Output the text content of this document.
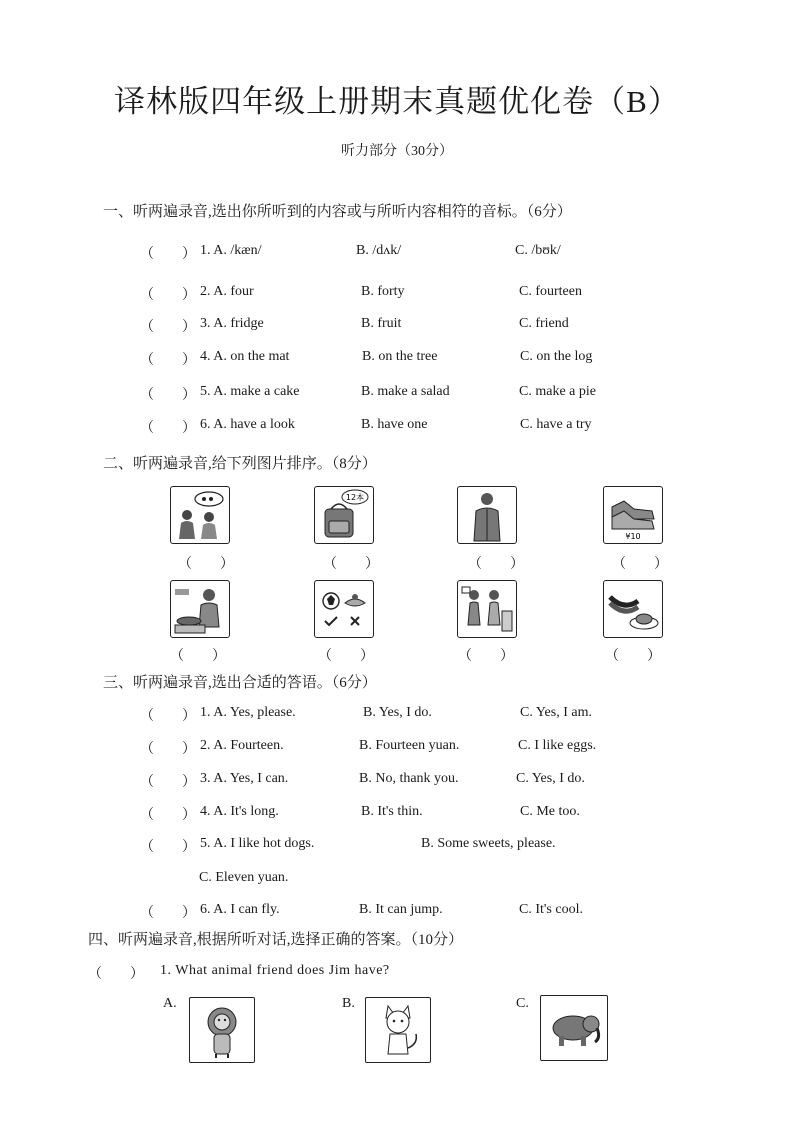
译林版四年级上册期末真题优化卷（B）
听力部分（30分）
一、听两遍录音,选出你所听到的内容或与所听内容相符的音标。（6分）
（　　） 1. A. /kæn/	B. /dʌk/	C. /bʊk/
（　　） 2. A. four	B. forty	C. fourteen
（　　） 3. A. fridge	B. fruit	C. friend
（　　） 4. A. on the mat	B. on the tree	C. on the log
（　　） 5. A. make a cake	B. make a salad	C. make a pie
（　　） 6. A. have a look	B. have one	C. have a try
二、听两遍录音,给下列图片排序。（8分）
12本
¥10
（　　）	（　　）	（　　）	（　　）
（　　）	（　　）	（　　）	（　　）
三、听两遍录音,选出合适的答语。（6分）
（　　） 1. A. Yes, please.	B. Yes, I do.	C. Yes, I am.
（　　） 2. A. Fourteen.	B. Fourteen yuan.	C. I like eggs.
（　　） 3. A. Yes, I can.	B. No, thank you.	C. Yes, I do.
（　　） 4. A. It's long.	B. It's thin.	C. Me too.
（　　） 5. A. I like hot dogs.	B. Some sweets, please.
C. Eleven yuan.
（　　） 6. A. I can fly.	B. It can jump.	C. It's cool.
四、听两遍录音,根据所听对话,选择正确的答案。（10分）
（　　） 1. What animal friend does Jim have?
A.	B.	C.
